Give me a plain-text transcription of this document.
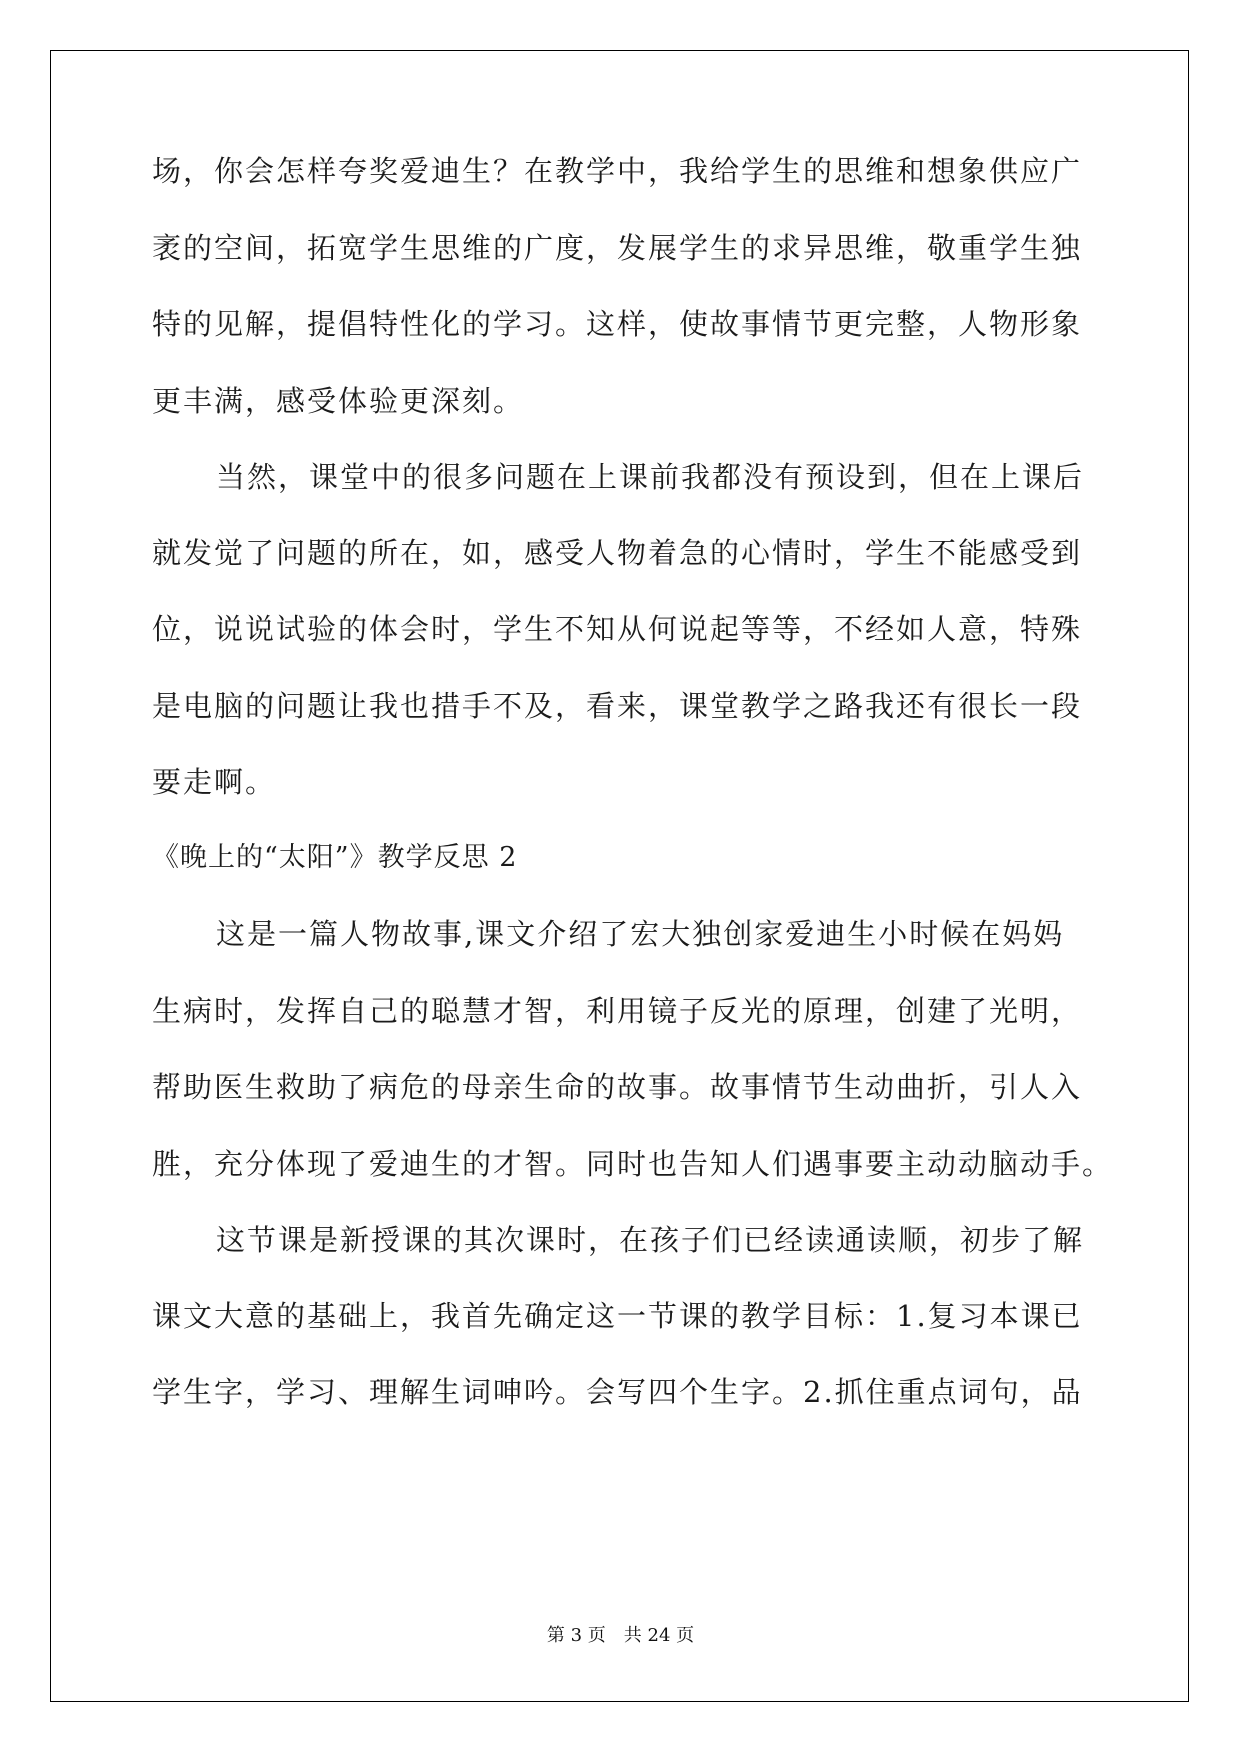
场，你会怎样夸奖爱迪生？在教学中，我给学生的思维和想象供应广
袤的空间，拓宽学生思维的广度，发展学生的求异思维，敬重学生独
特的见解，提倡特性化的学习。这样，使故事情节更完整，人物形象
更丰满，感受体验更深刻。
当然，课堂中的很多问题在上课前我都没有预设到，但在上课后
就发觉了问题的所在，如，感受人物着急的心情时，学生不能感受到
位，说说试验的体会时，学生不知从何说起等等，不经如人意，特殊
是电脑的问题让我也措手不及，看来，课堂教学之路我还有很长一段
要走啊。
《晚上的“太阳”》教学反思 2
这是一篇人物故事,课文介绍了宏大独创家爱迪生小时候在妈妈
生病时，发挥自己的聪慧才智，利用镜子反光的原理，创建了光明，
帮助医生救助了病危的母亲生命的故事。故事情节生动曲折，引人入
胜，充分体现了爱迪生的才智。同时也告知人们遇事要主动动脑动手。
这节课是新授课的其次课时，在孩子们已经读通读顺，初步了解
课文大意的基础上，我首先确定这一节课的教学目标：1.复习本课已
学生字，学习、理解生词呻吟。会写四个生字。2.抓住重点词句，品
第 3 页　共 24 页
